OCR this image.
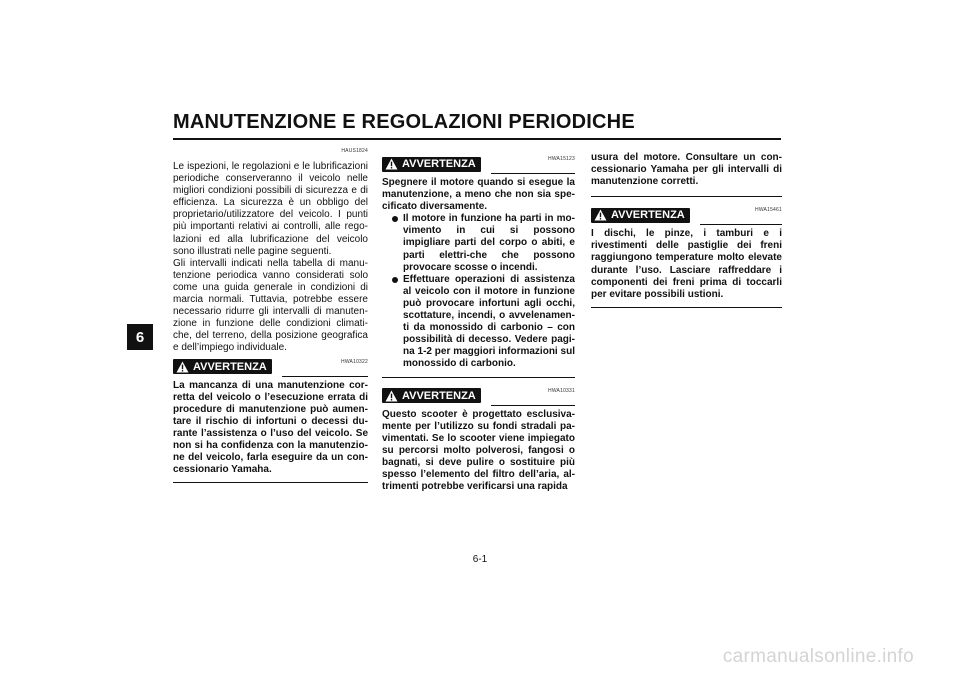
MANUTENZIONE E REGOLAZIONI PERIODICHE
6
HAUS1824

Le ispezioni, le regolazioni e le lubrificazioni periodiche conserveranno il veicolo nelle migliori condizioni possibili di sicurezza e di efficienza. La sicurezza è un obbligo del proprietario/utilizzatore del veicolo. I punti più importanti relativi ai controlli, alle rego-lazioni ed alla lubrificazione del veicolo sono illustrati nelle pagine seguenti.

Gli intervalli indicati nella tabella di manu-tenzione periodica vanno considerati solo come una guida generale in condizioni di marcia normali. Tuttavia, potrebbe essere necessario ridurre gli intervalli di manuten-zione in funzione delle condizioni climati-che, del terreno, della posizione geografica e dell’impiego individuale.

AVVERTENZA	HWA10322

La mancanza di una manutenzione cor-retta del veicolo o l’esecuzione errata di procedure di manutenzione può aumen-tare il rischio di infortuni o decessi du-rante l’assistenza o l’uso del veicolo. Se non si ha confidenza con la manutenzio-ne del veicolo, farla eseguire da un con-cessionario Yamaha.

AVVERTENZA	HWA15123

Spegnere il motore quando si esegue la manutenzione, a meno che non sia spe-cificato diversamente.

Il motore in funzione ha parti in mo-vimento in cui si possono impigliare parti del corpo o abiti, e parti elettri-che che possono provocare scosse o incendi.
Effettuare operazioni di assistenza al veicolo con il motore in funzione può provocare infortuni agli occhi, scottature, incendi, o avvelenamen-ti da monossido di carbonio – con possibilità di decesso. Vedere pagi-na 1-2 per maggiori informazioni sul monossido di carbonio.
AVVERTENZA	HWA10331

Questo scooter è progettato esclusiva-mente per l’utilizzo su fondi stradali pa-vimentati. Se lo scooter viene impiegato su percorsi molto polverosi, fangosi o bagnati, si deve pulire o sostituire più spesso l’elemento del filtro dell’aria, al-trimenti potrebbe verificarsi una rapida

usura del motore. Consultare un con-cessionario Yamaha per gli intervalli di manutenzione corretti.

AVVERTENZA	HWA15461

I dischi, le pinze, i tamburi e i rivestimenti delle pastiglie dei freni raggiungono temperature molto elevate durante l’uso. Lasciare raffreddare i componenti dei freni prima di toccarli per evitare possibili ustioni.

6-1
carmanualsonline.info
